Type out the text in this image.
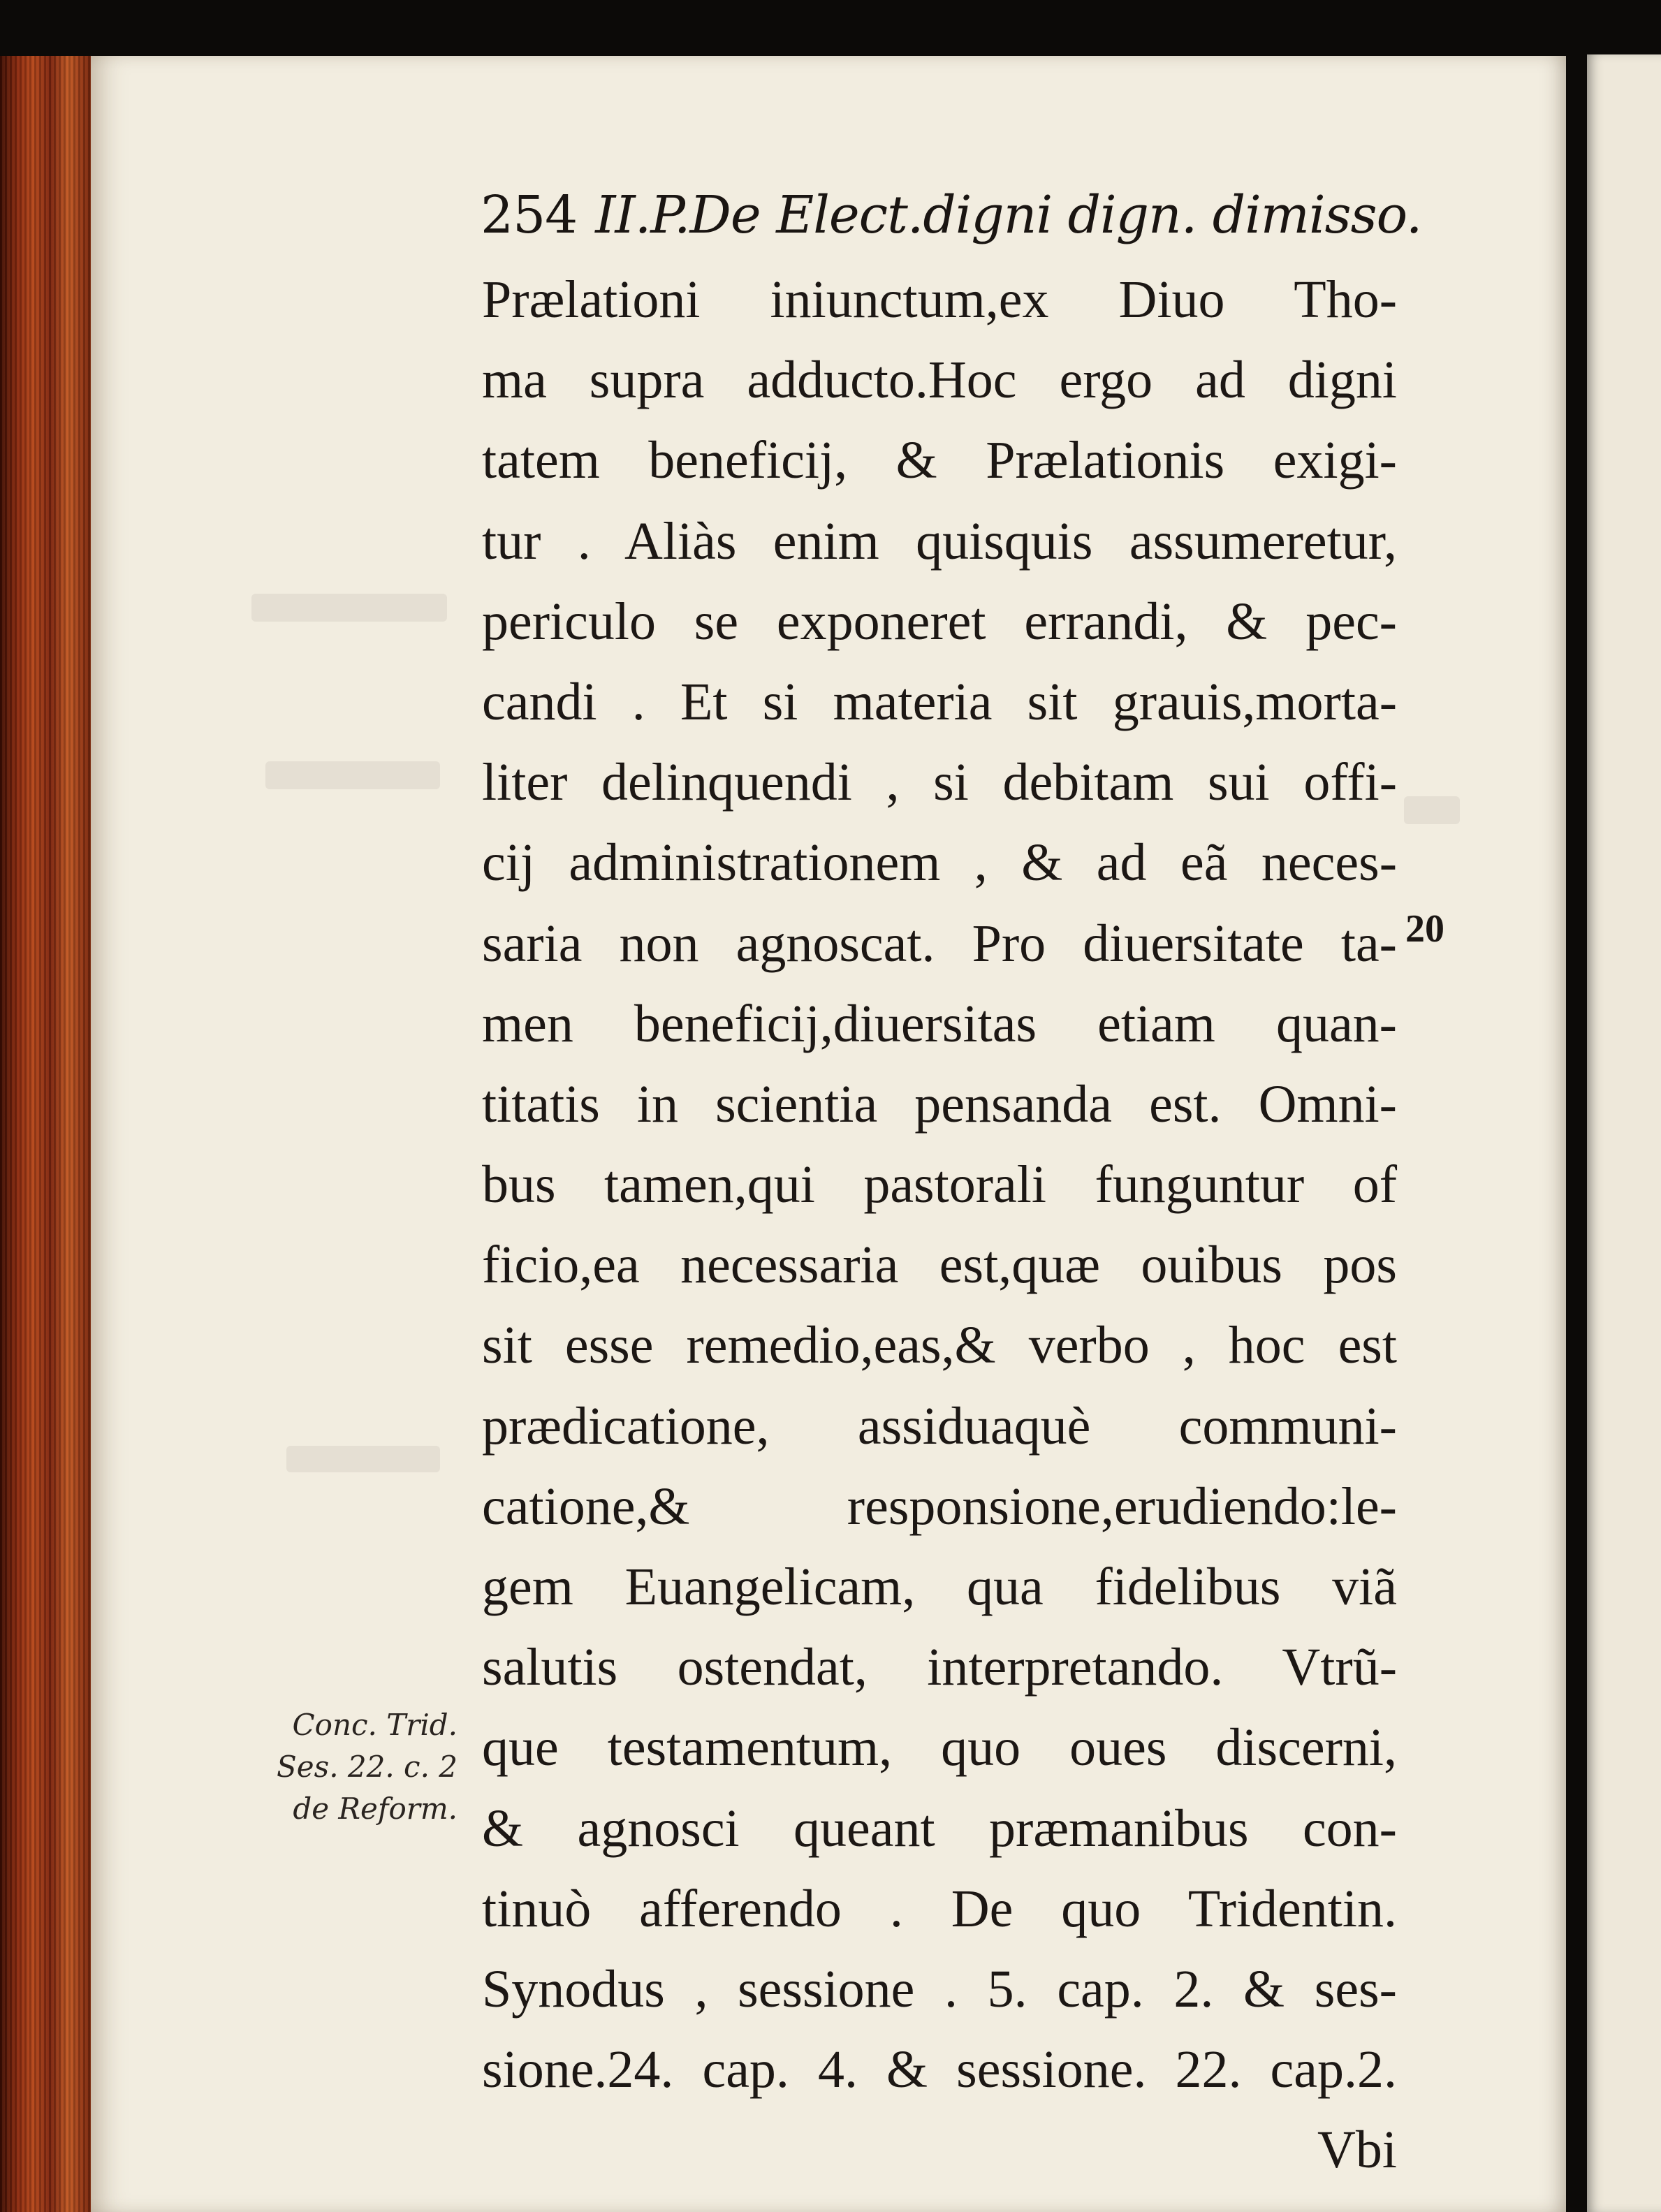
254 II.P.De Elect.digni dign. dimisso.
Prælationi iniunctum,ex Diuo Tho-
ma supra adducto.Hoc ergo ad digni
tatem beneficij, & Prælationis exigi-
tur . Aliàs enim quisquis assumeretur,
periculo se exponeret errandi, & pec-
candi . Et si materia sit grauis,morta-
liter delinquendi , si debitam sui offi-
cij administrationem , & ad eã neces-
saria non agnoscat. Pro diuersitate ta-
men beneficij,diuersitas etiam quan-
titatis in scientia pensanda est. Omni-
bus tamen,qui pastorali funguntur of
ficio,ea necessaria est,quæ ouibus pos
sit esse remedio,eas,& verbo , hoc est
prædicatione, assiduaquè communi-
catione,& responsione,erudiendo:le-
gem Euangelicam, qua fidelibus viã
salutis ostendat, interpretando. Vtrũ-
que testamentum, quo oues discerni,
& agnosci queant præmanibus con-
tinuò afferendo . De quo Tridentin.
Synodus , sessione . 5. cap. 2. & ses-
sione.24. cap. 4. & sessione. 22. cap.2.
Vbi
20
Conc. Trid.
Ses. 22. c. 2
de Reform.
